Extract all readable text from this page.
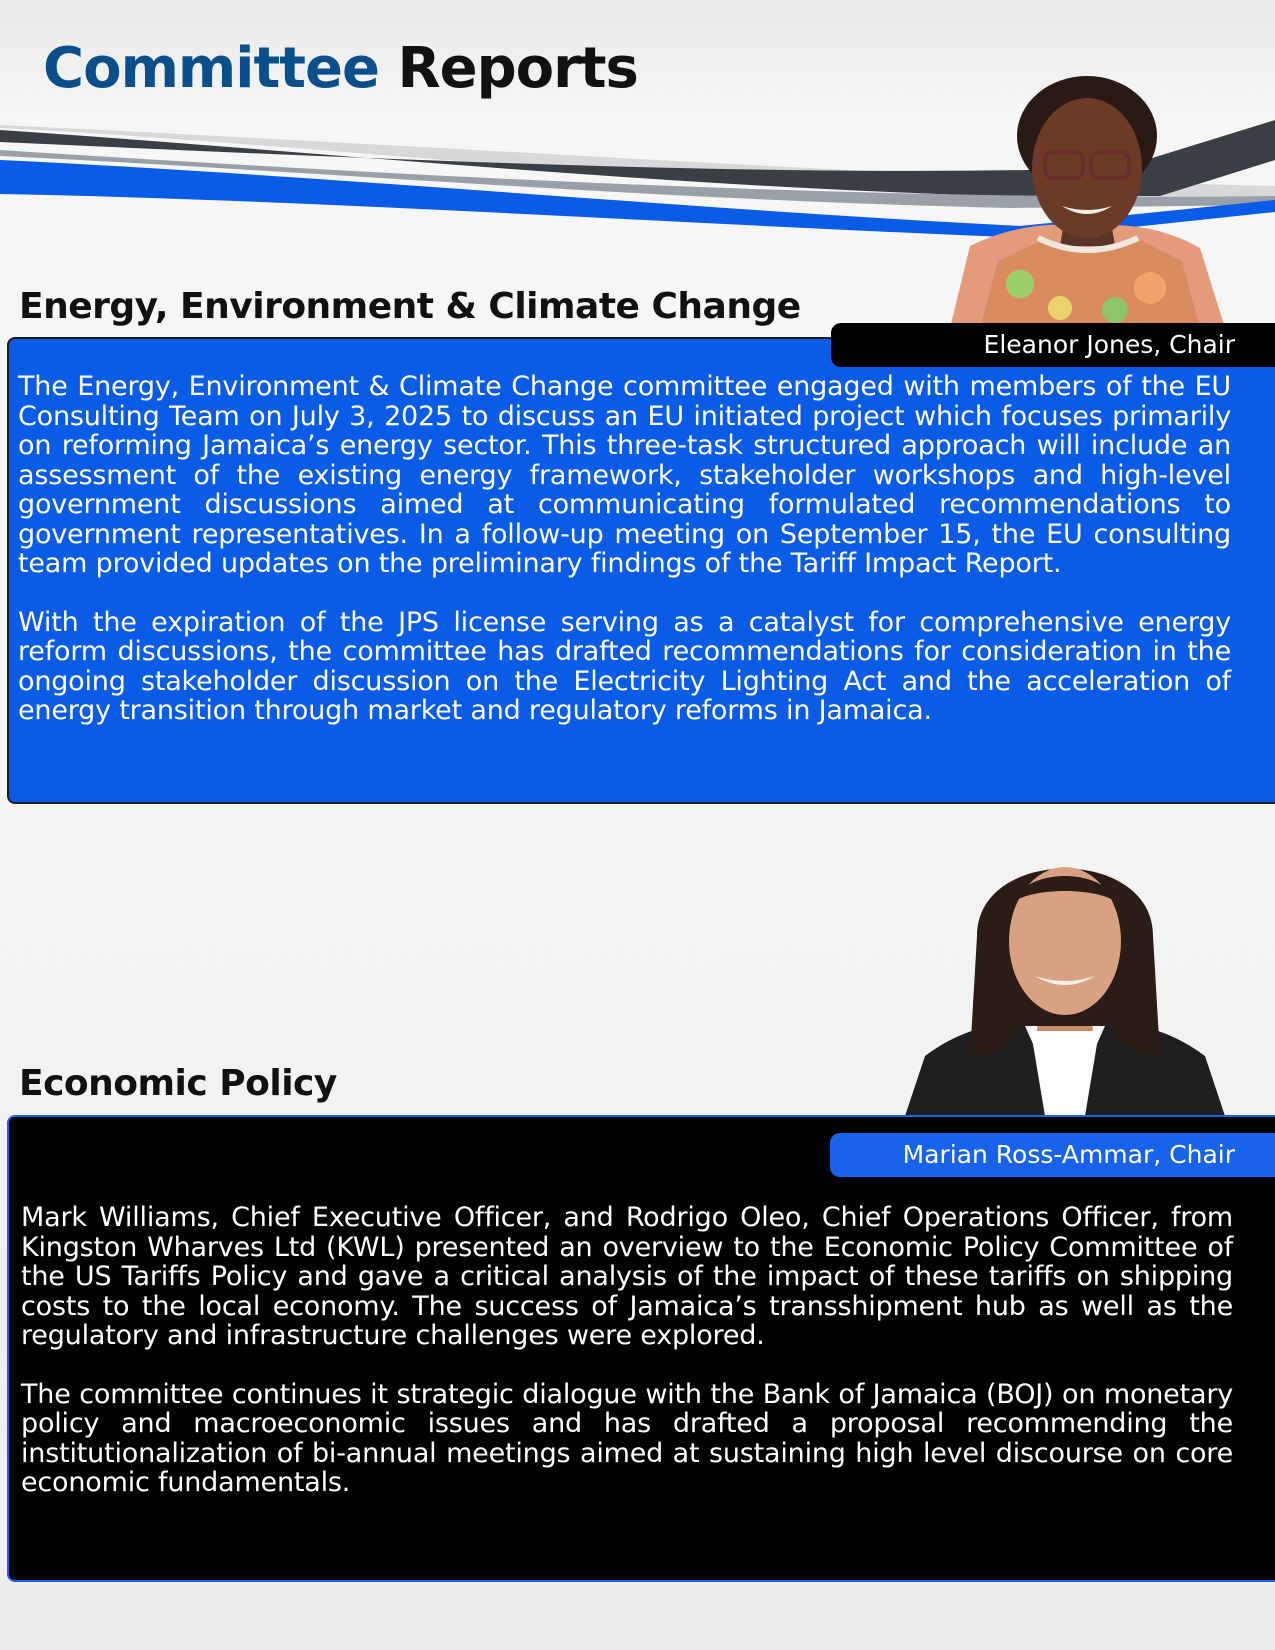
Committee Reports
Energy, Environment & Climate Change
Eleanor Jones, Chair

The Energy, Environment & Climate Change committee engaged with members of the EU Consulting Team on July 3, 2025 to discuss an EU initiated project which focuses primarily on reforming Jamaica’s energy sector. This three-task structured approach will include an assessment of the existing energy framework, stakeholder workshops and high-level government discussions aimed at communicating formulated recommendations to government representatives. In a follow-up meeting on September 15, the EU consulting team provided updates on the preliminary findings of the Tariff Impact Report.

With the expiration of the JPS license serving as a catalyst for comprehensive energy reform discussions, the committee has drafted recommendations for consideration in the ongoing stakeholder discussion on the Electricity Lighting Act and the acceleration of energy transition through market and regulatory reforms in Jamaica.

Economic Policy
Marian Ross-Ammar, Chair

Mark Williams, Chief Executive Officer, and Rodrigo Oleo, Chief Operations Officer, from Kingston Wharves Ltd (KWL) presented an overview to the Economic Policy Committee of the US Tariffs Policy and gave a critical analysis of the impact of these tariffs on shipping costs to the local economy. The success of Jamaica’s transshipment hub as well as the regulatory and infrastructure challenges were explored.

The committee continues it strategic dialogue with the Bank of Jamaica (BOJ) on monetary policy and macroeconomic issues and has drafted a proposal recommending the institutionalization of bi-annual meetings aimed at sustaining high level discourse on core economic fundamentals.
